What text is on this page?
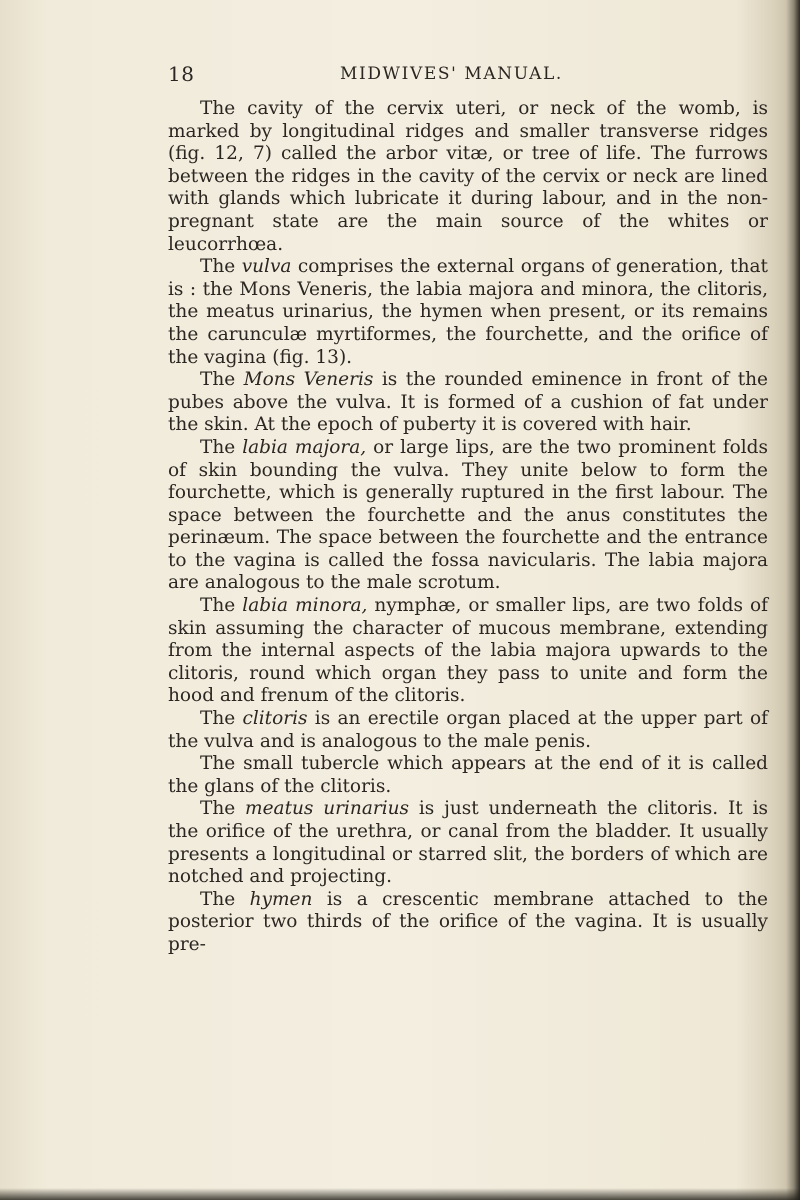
18	MIDWIVES' MANUAL.

The cavity of the cervix uteri, or neck of the womb, is marked by longitudinal ridges and smaller transverse ridges (fig. 12, 7) called the arbor vitæ, or tree of life. The furrows between the ridges in the cavity of the cervix or neck are lined with glands which lubricate it during labour, and in the non-pregnant state are the main source of the whites or leucorrhœa.

The vulva comprises the external organs of generation, that is : the Mons Veneris, the labia majora and minora, the clitoris, the meatus urinarius, the hymen when present, or its remains the carunculæ myrtiformes, the fourchette, and the orifice of the vagina (fig. 13).

The Mons Veneris is the rounded eminence in front of the pubes above the vulva. It is formed of a cushion of fat under the skin. At the epoch of puberty it is covered with hair.

The labia majora, or large lips, are the two prominent folds of skin bounding the vulva. They unite below to form the fourchette, which is generally ruptured in the first labour. The space between the fourchette and the anus constitutes the perinæum. The space between the fourchette and the entrance to the vagina is called the fossa navicularis. The labia majora are analogous to the male scrotum.

The labia minora, nymphæ, or smaller lips, are two folds of skin assuming the character of mucous membrane, extending from the internal aspects of the labia majora upwards to the clitoris, round which organ they pass to unite and form the hood and frenum of the clitoris.

The clitoris is an erectile organ placed at the upper part of the vulva and is analogous to the male penis.

The small tubercle which appears at the end of it is called the glans of the clitoris.

The meatus urinarius is just underneath the clitoris. It is the orifice of the urethra, or canal from the bladder. It usually presents a longitudinal or starred slit, the borders of which are notched and projecting.

The hymen is a crescentic membrane attached to the posterior two thirds of the orifice of the vagina. It is usually pre-
